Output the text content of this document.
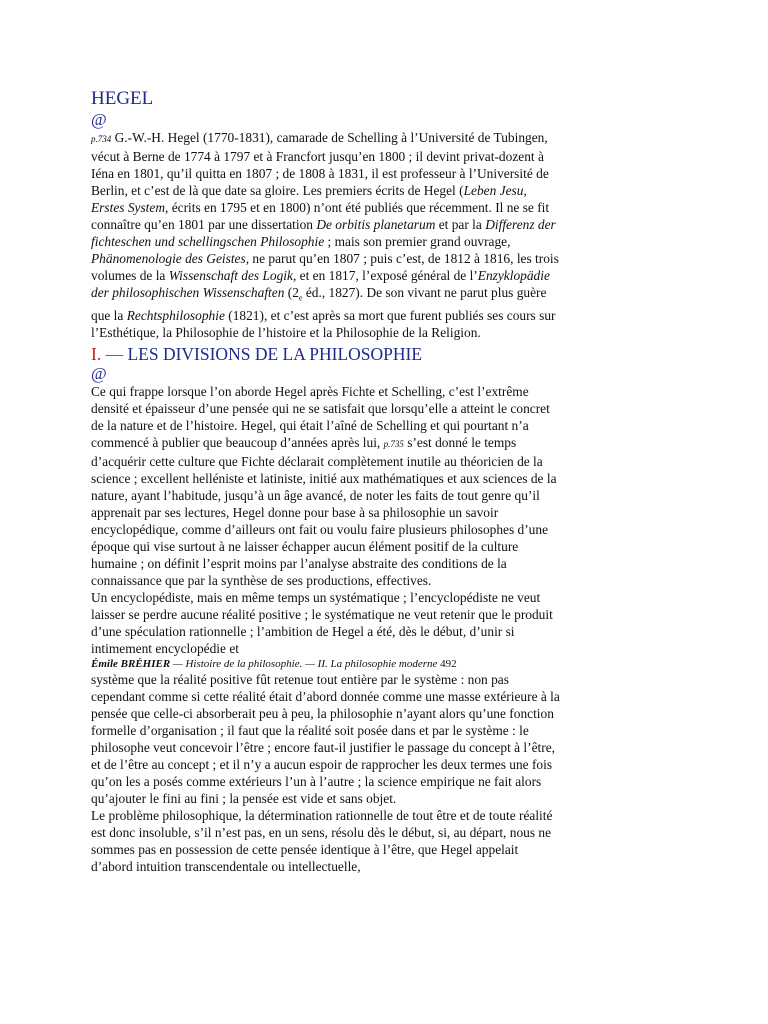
HEGEL
@

p.734 G.-W.-H. Hegel (1770-1831), camarade de Schelling à l’Université de Tubingen, vécut à Berne de 1774 à 1797 et à Francfort jusqu’en 1800 ; il devint privat-dozent à Iéna en 1801, qu’il quitta en 1807 ; de 1808 à 1831, il est professeur à l’Université de Berlin, et c’est de là que date sa gloire. Les premiers écrits de Hegel (Leben Jesu, Erstes System, écrits en 1795 et en 1800) n’ont été publiés que récemment. Il ne se fit connaître qu’en 1801 par une dissertation De orbitis planetarum et par la Differenz der fichteschen und schellingschen Philosophie ; mais son premier grand ouvrage, Phänomenologie des Geistes, ne parut qu’en 1807 ; puis c’est, de 1812 à 1816, les trois volumes de la Wissenschaft des Logik, et en 1817, l’exposé général de l’Enzyklopädie der philosophischen Wissenschaften ($2_e$ éd., 1827). De son vivant ne parut plus guère que la Rechtsphilosophie (1821), et c’est après sa mort que furent publiés ses cours sur l’Esthétique, la Philosophie de l’histoire et la Philosophie de la Religion.

I. — LES DIVISIONS DE LA PHILOSOPHIE
@

Ce qui frappe lorsque l’on aborde Hegel après Fichte et Schelling, c’est l’extrême densité et épaisseur d’une pensée qui ne se satisfait que lorsqu’elle a atteint le concret de la nature et de l’histoire. Hegel, qui était l’aîné de Schelling et qui pourtant n’a commencé à publier que beaucoup d’années après lui, p.735 s’est donné le temps d’acquérir cette culture que Fichte déclarait complètement inutile au théoricien de la science ; excellent helléniste et latiniste, initié aux mathématiques et aux sciences de la nature, ayant l’habitude, jusqu’à un âge avancé, de noter les faits de tout genre qu’il apprenait par ses lectures, Hegel donne pour base à sa philosophie un savoir encyclopédique, comme d’ailleurs ont fait ou voulu faire plusieurs philosophes d’une époque qui vise surtout à ne laisser échapper aucun élément positif de la culture humaine ; on définit l’esprit moins par l’analyse abstraite des conditions de la connaissance que par la synthèse de ses productions, effectives.

Un encyclopédiste, mais en même temps un systématique ; l’encyclopédiste ne veut laisser se perdre aucune réalité positive ; le systématique ne veut retenir que le produit d’une spéculation rationnelle ; l’ambition de Hegel a été, dès le début, d’unir si intimement encyclopédie et

Émile BRÉHIER — Histoire de la philosophie. — II. La philosophie moderne 492

système que la réalité positive fût retenue tout entière par le système : non pas cependant comme si cette réalité était d’abord donnée comme une masse extérieure à la pensée que celle-ci absorberait peu à peu, la philosophie n’ayant alors qu’une fonction formelle d’organisation ; il faut que la réalité soit posée dans et par le système : le philosophe veut concevoir l’être ; encore faut-il justifier le passage du concept à l’être, et de l’être au concept ; et il n’y a aucun espoir de rapprocher les deux termes une fois qu’on les a posés comme extérieurs l’un à l’autre ; la science empirique ne fait alors qu’ajouter le fini au fini ; la pensée est vide et sans objet.

Le problème philosophique, la détermination rationnelle de tout être et de toute réalité est donc insoluble, s’il n’est pas, en un sens, résolu dès le début, si, au départ, nous ne sommes pas en possession de cette pensée identique à l’être, que Hegel appelait d’abord intuition transcendentale ou intellectuelle,
